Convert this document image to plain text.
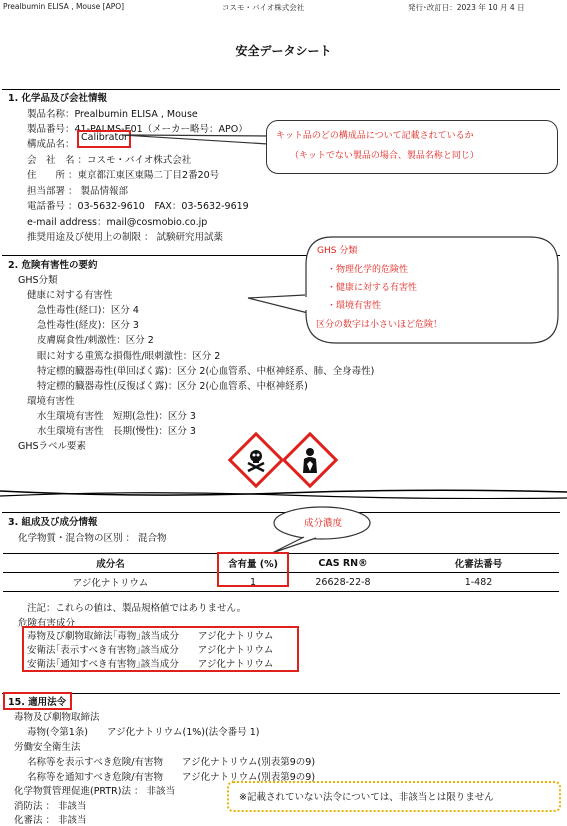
Prealbumin ELISA , Mouse [APO]	コスモ・バイオ株式会社	発行･改訂日：2023 年 10 月 4 日
安全データシート
1. 化学品及び会社情報
製品名称：Prealbumin ELISA , Mouse
製品番号：41-PALMS-E01（メーカー略号：APO）
構成品名：
Calibrator
会　社　名 ：コスモ・バイオ株式会社
住　　所 ：東京都江東区東陽二丁目2番20号
担当部署 ： 製品情報部
電話番号 ：03-5632-9610　FAX：03-5632-9619
e-mail address：mail@cosmobio.co.jp
推奨用途及び使用上の制限 ： 試験研究用試薬
キット品のどの構成品について記載されているか
（キットでない製品の場合、製品名称と同じ）
2. 危険有害性の要約
GHS分類
健康に対する有害性
急性毒性(経口)：区分 4
急性毒性(経皮)：区分 3
皮膚腐食性/刺激性：区分 2
眼に対する重篤な損傷性/眼刺激性：区分 2
特定標的臓器毒性(単回ばく露)：区分 2(心血管系、中枢神経系、肺、全身毒性)
特定標的臓器毒性(反復ばく露)：区分 2(心血管系、中枢神経系)
環境有害性
水生環境有害性　短期(急性)：区分 3
水生環境有害性　長期(慢性)：区分 3
GHSラベル要素
GHS 分類
・物理化学的危険性
・健康に対する有害性
・環境有害性
区分の数字は小さいほど危険！
3. 組成及び成分情報
化学物質・混合物の区別 ： 混合物
成分濃度
成分名	含有量 (%)	CAS RN®	化審法番号
アジ化ナトリウム	1	26628-22-8	1-482
注記：これらの値は、製品規格値ではありません。
危険有害成分
毒物及び劇物取締法｢毒物｣該当成分　　アジ化ナトリウム
安衛法｢表示すべき有害物｣該当成分　　アジ化ナトリウム
安衛法｢通知すべき有害物｣該当成分　　アジ化ナトリウム
15. 適用法令
毒物及び劇物取締法
毒物(令第1条)　　アジ化ナトリウム(1%)(法令番号 1)
労働安全衛生法
名称等を表示すべき危険/有害物　　アジ化ナトリウム(別表第9の9)
名称等を通知すべき危険/有害物　　アジ化ナトリウム(別表第9の9)
化学物質管理促進(PRTR)法 ： 非該当
消防法 ： 非該当
化審法 ： 非該当
※記載されていない法令については、非該当とは限りません
